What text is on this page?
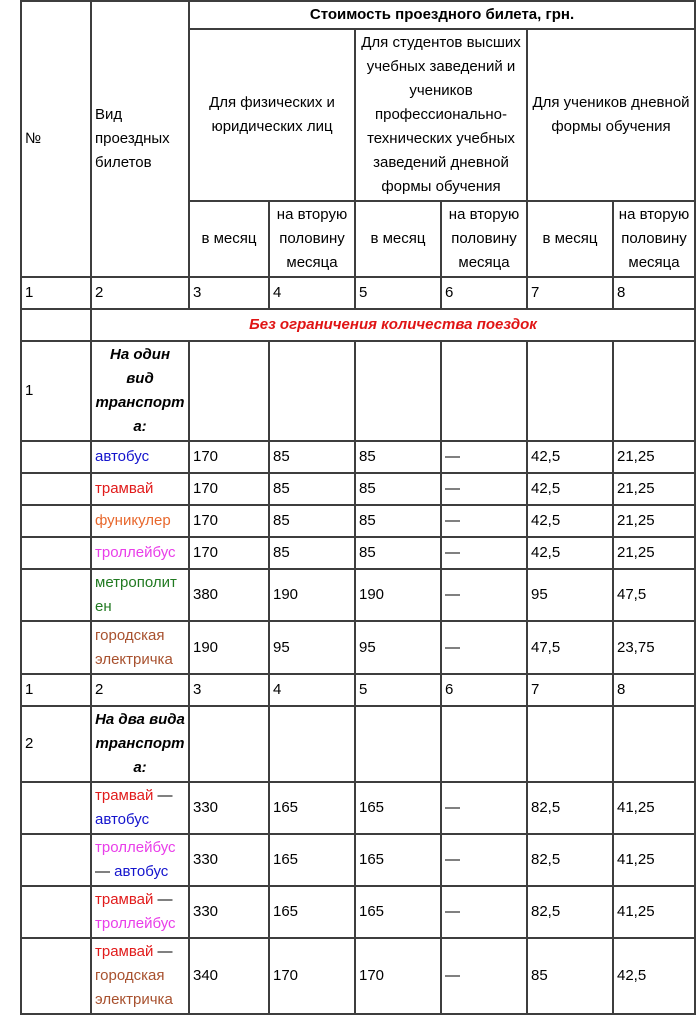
№	Вид проездных билетов	Стоимость проездного билета, грн.					
		Для физических и юридических лиц		Для студентов высших учебных заведений и учеников профессионально-технических учебных заведений дневной формы обучения		Для учеников дневной формы обучения	
		в месяц	на вторую половину месяца	в месяц	на вторую половину месяца	в месяц	на вторую половину месяца
1	2	3	4	5	6	7	8
	Без ограничения количества поездок						
1	На один вид транспорта:						
	автобус	170	85	85	—	42,5	21,25
	трамвай	170	85	85	—	42,5	21,25
	фуникулер	170	85	85	—	42,5	21,25
	троллейбус	170	85	85	—	42,5	21,25
	метрополитен	380	190	190	—	95	47,5
	городская электричка	190	95	95	—	47,5	23,75
1	2	3	4	5	6	7	8
2	На два вида транспорта:						
	трамвай — автобус	330	165	165	—	82,5	41,25
	троллейбус — автобус	330	165	165	—	82,5	41,25
	трамвай — троллейбус	330	165	165	—	82,5	41,25
	трамвай — городская электричка	340	170	170	—	85	42,5
